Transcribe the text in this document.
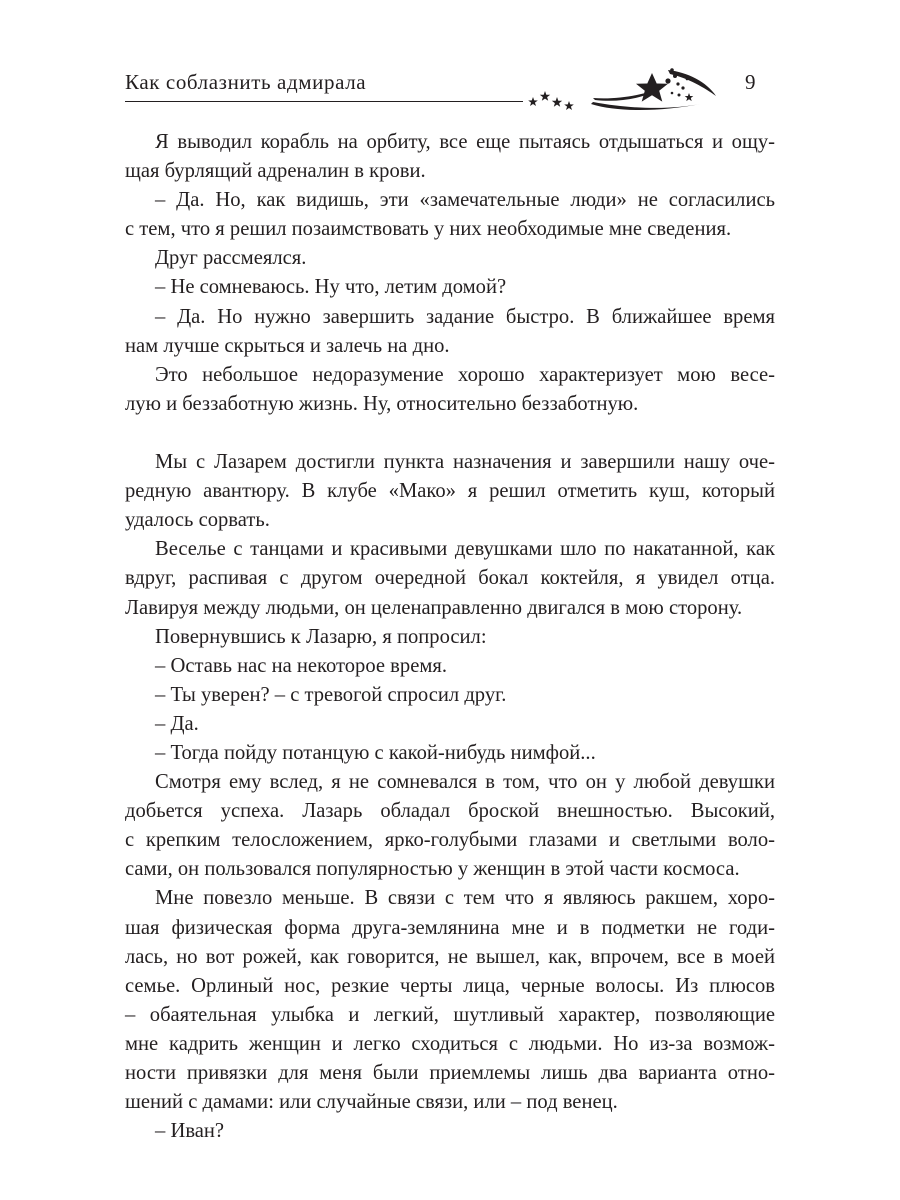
Как соблазнить адмирала	9
Я выводил корабль на орбиту, все еще пытаясь отдышаться и ощу-
щая бурлящий адреналин в крови.
– Да. Но, как видишь, эти «замечательные люди» не согласились
с тем, что я решил позаимствовать у них необходимые мне сведения.
Друг рассмеялся.
– Не сомневаюсь. Ну что, летим домой?
– Да. Но нужно завершить задание быстро. В ближайшее время
нам лучше скрыться и залечь на дно.
Это небольшое недоразумение хорошо характеризует мою весе-
лую и беззаботную жизнь. Ну, относительно беззаботную.
Мы с Лазарем достигли пункта назначения и завершили нашу оче-
редную авантюру. В клубе «Мако» я решил отметить куш, который
удалось сорвать.
Веселье с танцами и красивыми девушками шло по накатанной, как
вдруг, распивая с другом очередной бокал коктейля, я увидел отца.
Лавируя между людьми, он целенаправленно двигался в мою сторону.
Повернувшись к Лазарю, я попросил:
– Оставь нас на некоторое время.
– Ты уверен? – с тревогой спросил друг.
– Да.
– Тогда пойду потанцую с какой-нибудь нимфой...
Смотря ему вслед, я не сомневался в том, что он у любой девушки
добьется успеха. Лазарь обладал броской внешностью. Высокий,
с крепким телосложением, ярко-голубыми глазами и светлыми воло-
сами, он пользовался популярностью у женщин в этой части космоса.
Мне повезло меньше. В связи с тем что я являюсь ракшем, хоро-
шая физическая форма друга-землянина мне и в подметки не годи-
лась, но вот рожей, как говорится, не вышел, как, впрочем, все в моей
семье. Орлиный нос, резкие черты лица, черные волосы. Из плюсов
– обаятельная улыбка и легкий, шутливый характер, позволяющие
мне кадрить женщин и легко сходиться с людьми. Но из-за возмож-
ности привязки для меня были приемлемы лишь два варианта отно-
шений с дамами: или случайные связи, или – под венец.
– Иван?
